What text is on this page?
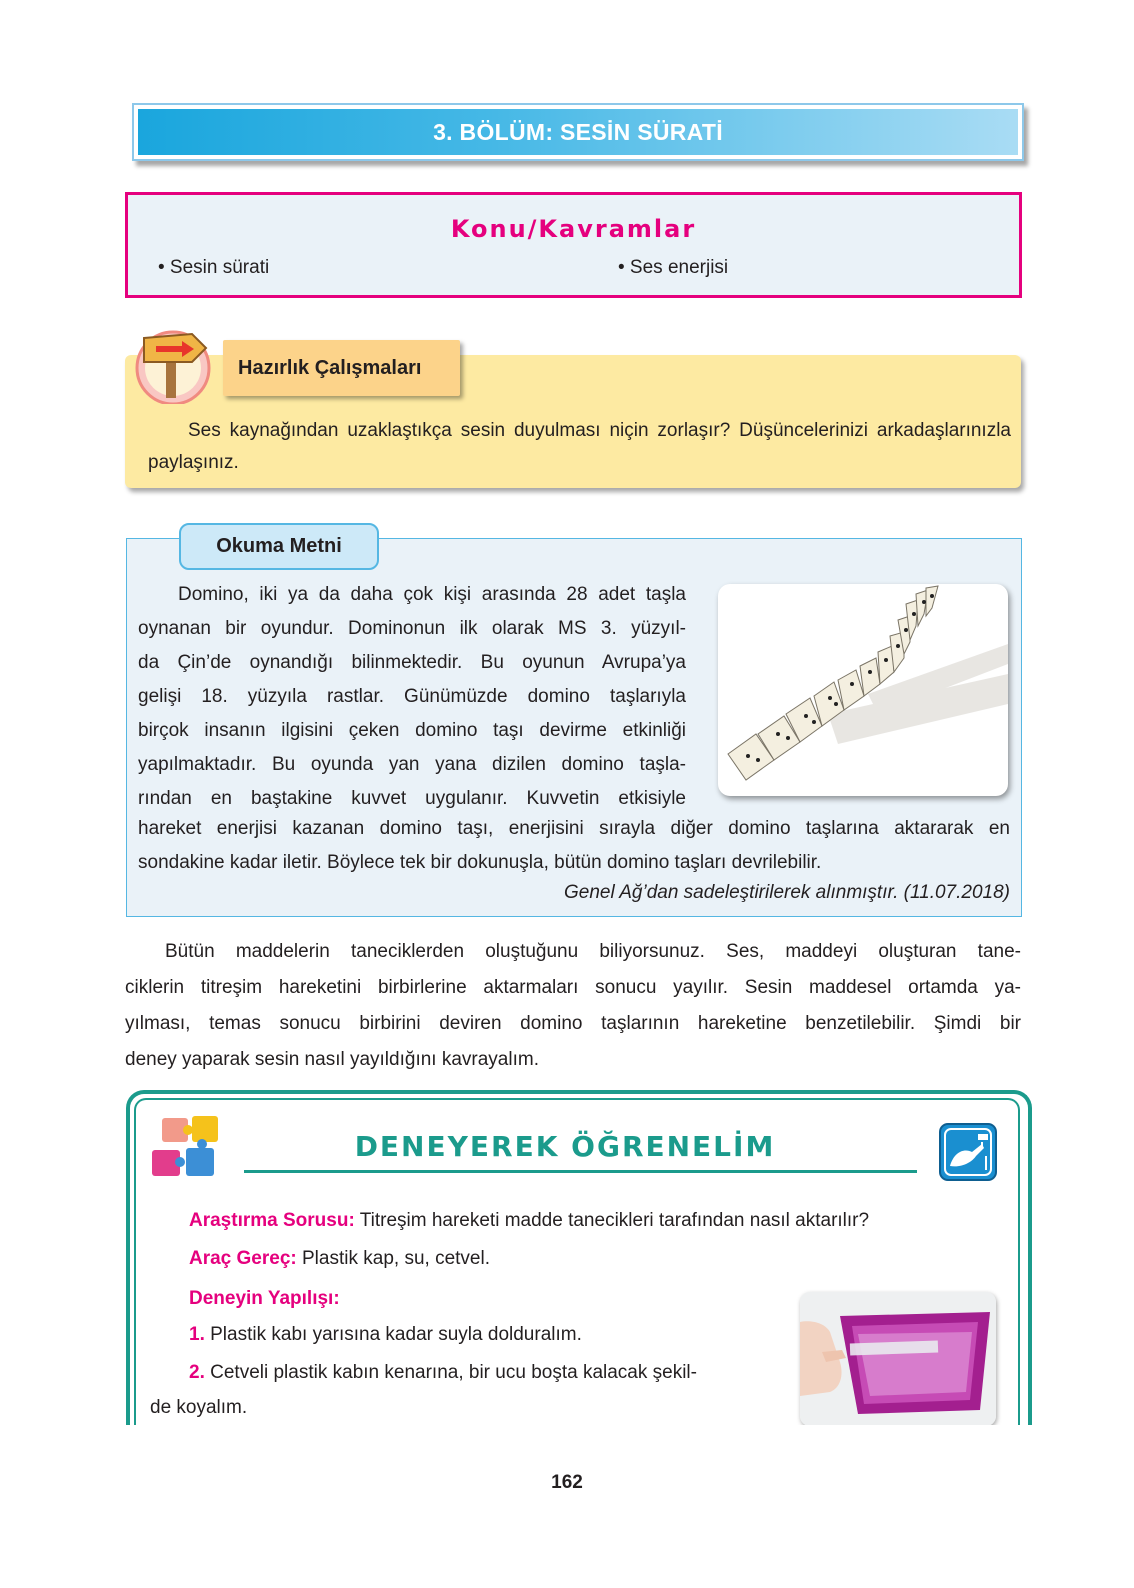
3. BÖLÜM: SESİN SÜRATİ
Konu/Kavramlar
• Sesin sürati	• Ses enerjisi
Hazırlık Çalışmaları
Ses kaynağından uzaklaştıkça sesin duyulması niçin zorlaşır? Düşüncelerinizi arkadaşlarınızla paylaşınız.
Okuma Metni
Domino, iki ya da daha çok kişi arasında 28 adet taşla
oynanan bir oyundur. Dominonun ilk olarak MS 3. yüzyıl-
da Çin’de oynandığı bilinmektedir. Bu oyunun Avrupa’ya
gelişi 18. yüzyıla rastlar. Günümüzde domino taşlarıyla
birçok insanın ilgisini çeken domino taşı devirme etkinliği
yapılmaktadır. Bu oyunda yan yana dizilen domino taşla-
rından en baştakine kuvvet uygulanır. Kuvvetin etkisiyle
hareket enerjisi kazanan domino taşı, enerjisini sırayla diğer domino taşlarına aktararak en
sondakine kadar iletir. Böylece tek bir dokunuşla, bütün domino taşları devrilebilir.
Genel Ağ’dan sadeleştirilerek alınmıştır. (11.07.2018)
Bütün maddelerin taneciklerden oluştuğunu biliyorsunuz. Ses, maddeyi oluşturan tane-
ciklerin titreşim hareketini birbirlerine aktarmaları sonucu yayılır. Sesin maddesel ortamda ya-
yılması, temas sonucu birbirini deviren domino taşlarının hareketine benzetilebilir. Şimdi bir
deney yaparak sesin nasıl yayıldığını kavrayalım.
DENEYEREK ÖĞRENELİM
Araştırma Sorusu: Titreşim hareketi madde tanecikleri tarafından nasıl aktarılır?
Araç Gereç: Plastik kap, su, cetvel.
Deneyin Yapılışı:
1. Plastik kabı yarısına kadar suyla dolduralım.
2. Cetveli plastik kabın kenarına, bir ucu boşta kalacak şekil-
de koyalım.
162
